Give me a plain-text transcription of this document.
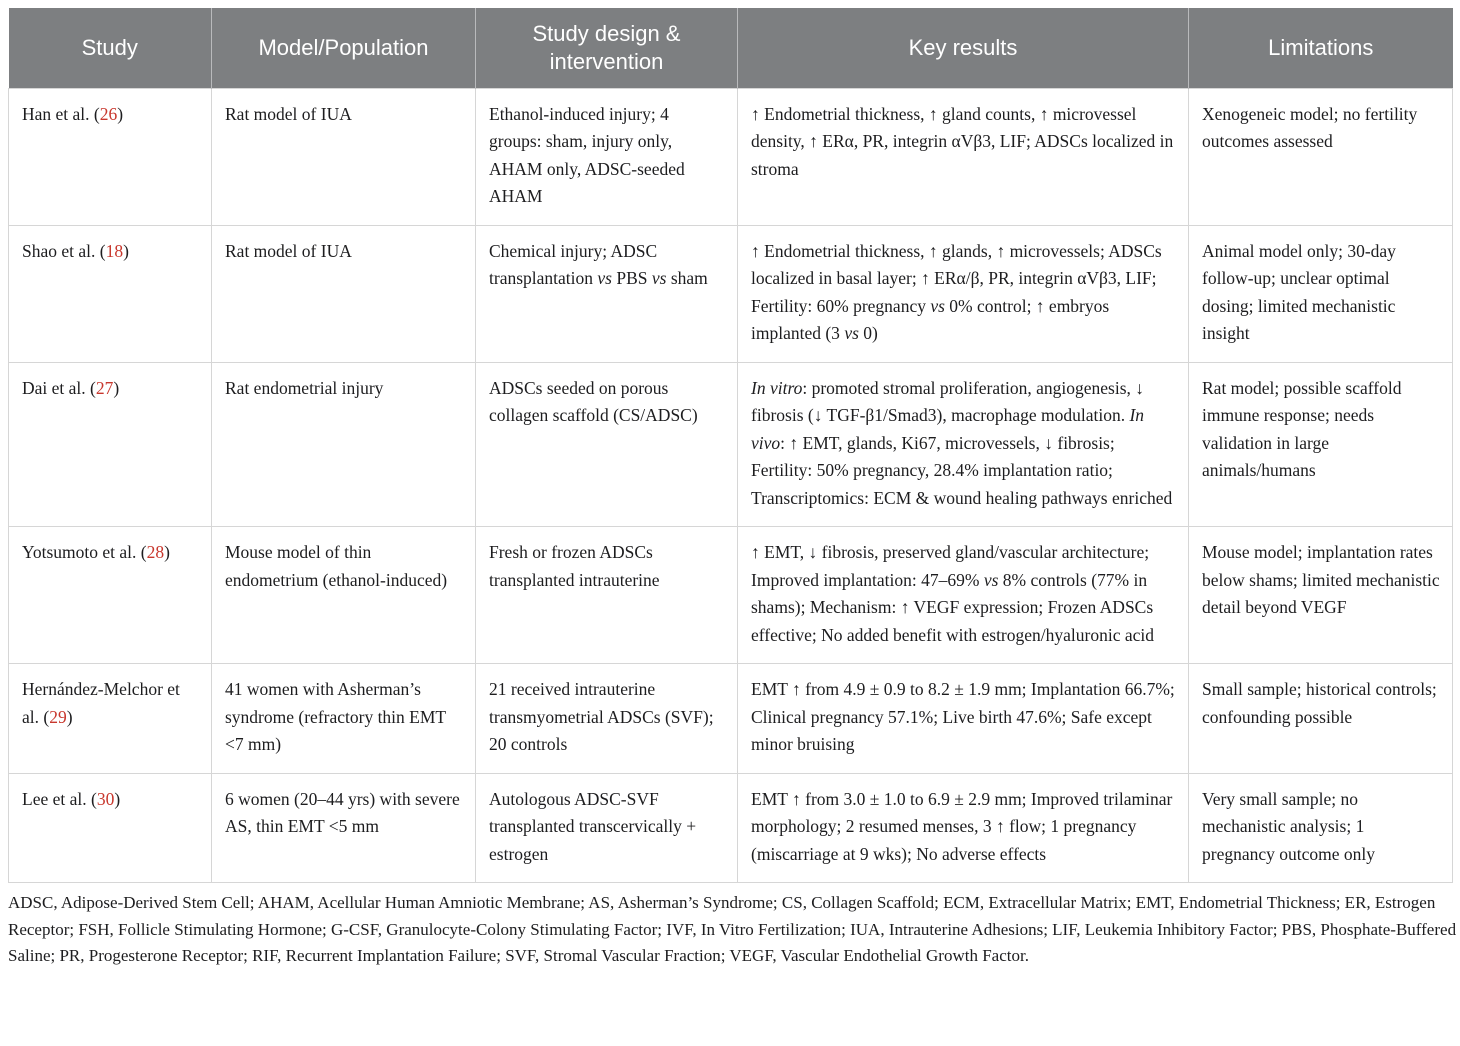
Study	Model/Population	Study design & intervention	Key results	Limitations
Han et al. (26)	Rat model of IUA	Ethanol-induced injury; 4 groups: sham, injury only, AHAM only, ADSC-seeded AHAM	↑ Endometrial thickness, ↑ gland counts, ↑ microvessel density, ↑ ERα, PR, integrin αVβ3, LIF; ADSCs localized in stroma	Xenogeneic model; no fertility outcomes assessed
Shao et al. (18)	Rat model of IUA	Chemical injury; ADSC transplantation vs PBS vs sham	↑ Endometrial thickness, ↑ glands, ↑ microvessels; ADSCs localized in basal layer; ↑ ERα/β, PR, integrin αVβ3, LIF; Fertility: 60% pregnancy vs 0% control; ↑ embryos implanted (3 vs 0)	Animal model only; 30-day follow-up; unclear optimal dosing; limited mechanistic insight
Dai et al. (27)	Rat endometrial injury	ADSCs seeded on porous collagen scaffold (CS/ADSC)	In vitro: promoted stromal proliferation, angiogenesis, ↓ fibrosis (↓ TGF-β1/Smad3), macrophage modulation. In vivo: ↑ EMT, glands, Ki67, microvessels, ↓ fibrosis; Fertility: 50% pregnancy, 28.4% implantation ratio; Transcriptomics: ECM & wound healing pathways enriched	Rat model; possible scaffold immune response; needs validation in large animals/humans
Yotsumoto et al. (28)	Mouse model of thin endometrium (ethanol-induced)	Fresh or frozen ADSCs transplanted intrauterine	↑ EMT, ↓ fibrosis, preserved gland/vascular architecture; Improved implantation: 47–69% vs 8% controls (77% in shams); Mechanism: ↑ VEGF expression; Frozen ADSCs effective; No added benefit with estrogen/hyaluronic acid	Mouse model; implantation rates below shams; limited mechanistic detail beyond VEGF
Hernández-Melchor et al. (29)	41 women with Asherman’s syndrome (refractory thin EMT <7 mm)	21 received intrauterine transmyometrial ADSCs (SVF); 20 controls	EMT ↑ from 4.9 ± 0.9 to 8.2 ± 1.9 mm; Implantation 66.7%; Clinical pregnancy 57.1%; Live birth 47.6%; Safe except minor bruising	Small sample; historical controls; confounding possible
Lee et al. (30)	6 women (20–44 yrs) with severe AS, thin EMT <5 mm	Autologous ADSC-SVF transplanted transcervically + estrogen	EMT ↑ from 3.0 ± 1.0 to 6.9 ± 2.9 mm; Improved trilaminar morphology; 2 resumed menses, 3 ↑ flow; 1 pregnancy (miscarriage at 9 wks); No adverse effects	Very small sample; no mechanistic analysis; 1 pregnancy outcome only

ADSC, Adipose-Derived Stem Cell; AHAM, Acellular Human Amniotic Membrane; AS, Asherman’s Syndrome; CS, Collagen Scaffold; ECM, Extracellular Matrix; EMT, Endometrial Thickness; ER, Estrogen Receptor; FSH, Follicle Stimulating Hormone; G-CSF, Granulocyte-Colony Stimulating Factor; IVF, In Vitro Fertilization; IUA, Intrauterine Adhesions; LIF, Leukemia Inhibitory Factor; PBS, Phosphate-Buffered Saline; PR, Progesterone Receptor; RIF, Recurrent Implantation Failure; SVF, Stromal Vascular Fraction; VEGF, Vascular Endothelial Growth Factor.
